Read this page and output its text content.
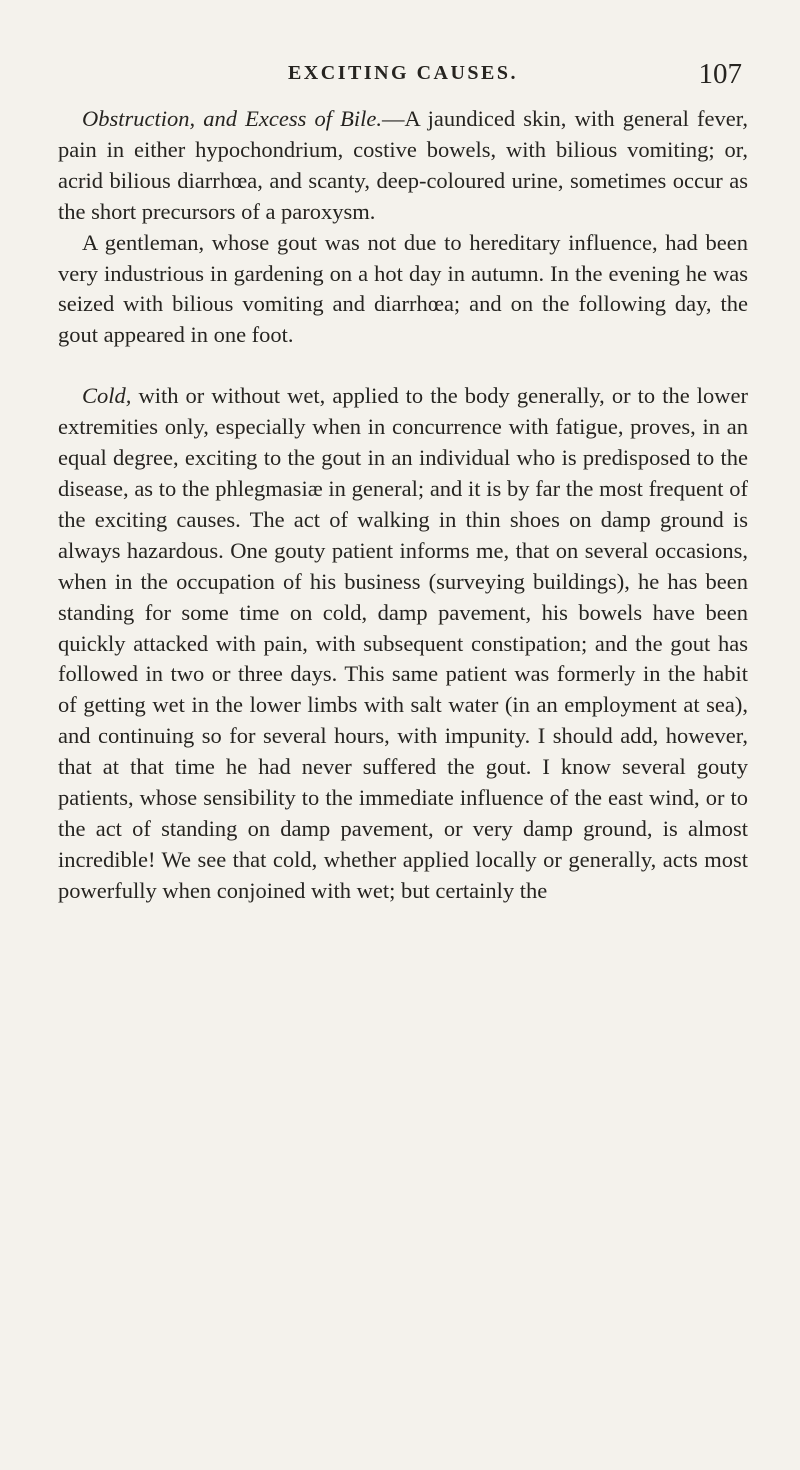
EXCITING CAUSES.	107

Obstruction, and Excess of Bile.—A jaundiced skin, with general fever, pain in either hypochondrium, costive bowels, with bilious vomiting; or, acrid bilious diarrhœa, and scanty, deep-coloured urine, sometimes occur as the short precursors of a paroxysm.

A gentleman, whose gout was not due to hereditary influence, had been very industrious in gardening on a hot day in autumn. In the evening he was seized with bilious vomiting and diarrhœa; and on the following day, the gout appeared in one foot.

Cold, with or without wet, applied to the body generally, or to the lower extremities only, especially when in concurrence with fatigue, proves, in an equal degree, exciting to the gout in an individual who is predisposed to the disease, as to the phlegmasiæ in general; and it is by far the most frequent of the exciting causes. The act of walking in thin shoes on damp ground is always hazardous. One gouty patient informs me, that on several occasions, when in the occupation of his business (surveying buildings), he has been standing for some time on cold, damp pavement, his bowels have been quickly attacked with pain, with subsequent constipation; and the gout has followed in two or three days. This same patient was formerly in the habit of getting wet in the lower limbs with salt water (in an employment at sea), and continuing so for several hours, with impunity. I should add, however, that at that time he had never suffered the gout. I know several gouty patients, whose sensibility to the immediate influence of the east wind, or to the act of standing on damp pavement, or very damp ground, is almost incredible! We see that cold, whether applied locally or generally, acts most powerfully when conjoined with wet; but certainly the
